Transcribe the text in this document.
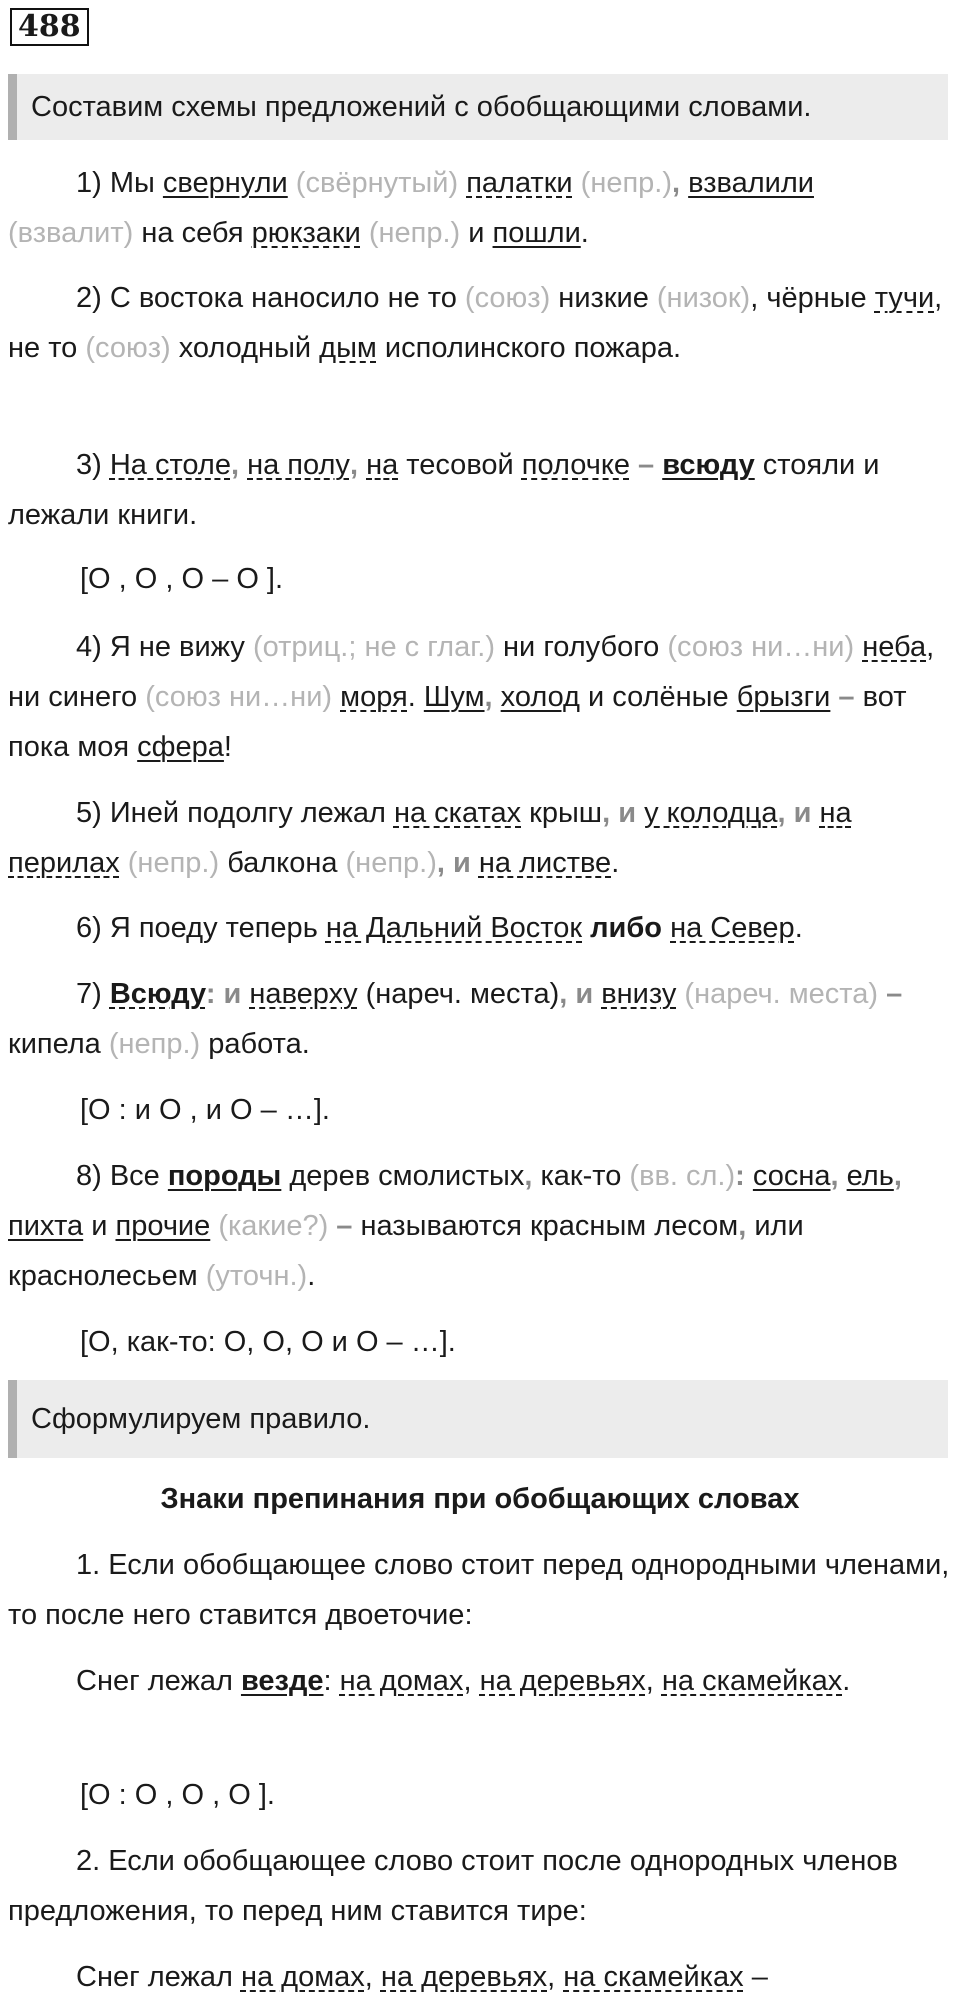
488
Составим схемы предложений с обобщающими словами.

1) Мы свернули (свёрнутый) палатки (непр.), взвалили
(взвалит) на себя рюкзаки (непр.) и пошли.

2) С востока наносило не то (союз) низкие (низок), чёрные тучи, не то (союз) холодный дым исполинского пожара.

3) На столе, на полу, на тесовой полочке – всюду стояли и лежали книги.

[О , О , О – О ].

4) Я не вижу (отриц.; не с глаг.) ни голубого (союз ни…ни) неба, ни синего (союз ни…ни) моря. Шум, холод и солёные брызги – вот пока моя сфера!

5) Иней подолгу лежал на скатах крыш, и у колодца, и на перилах (непр.) балкона (непр.), и на листве.

6) Я поеду теперь на Дальний Восток либо на Север.

7) Всюду: и наверху (нареч. места), и внизу (нареч. места) – кипела (непр.) работа.

[О : и О , и О – …].

8) Все породы дерев смолистых, как-то (вв. сл.): сосна, ель, пихта и прочие (какие?) – называются красным лесом, или краснолесьем (уточн.).

[О, как-то: О, О, О и О – …].
Сформулируем правило.
Знаки препинания при обобщающих словах

1. Если обобщающее слово стоит перед однородными членами, то после него ставится двоеточие:

Снег лежал везде: на домах, на деревьях, на скамейках.

[О : О , О , О ].

2. Если обобщающее слово стоит после однородных членов предложения, то перед ним ставится тире:

Снег лежал на домах, на деревьях, на скамейках –
